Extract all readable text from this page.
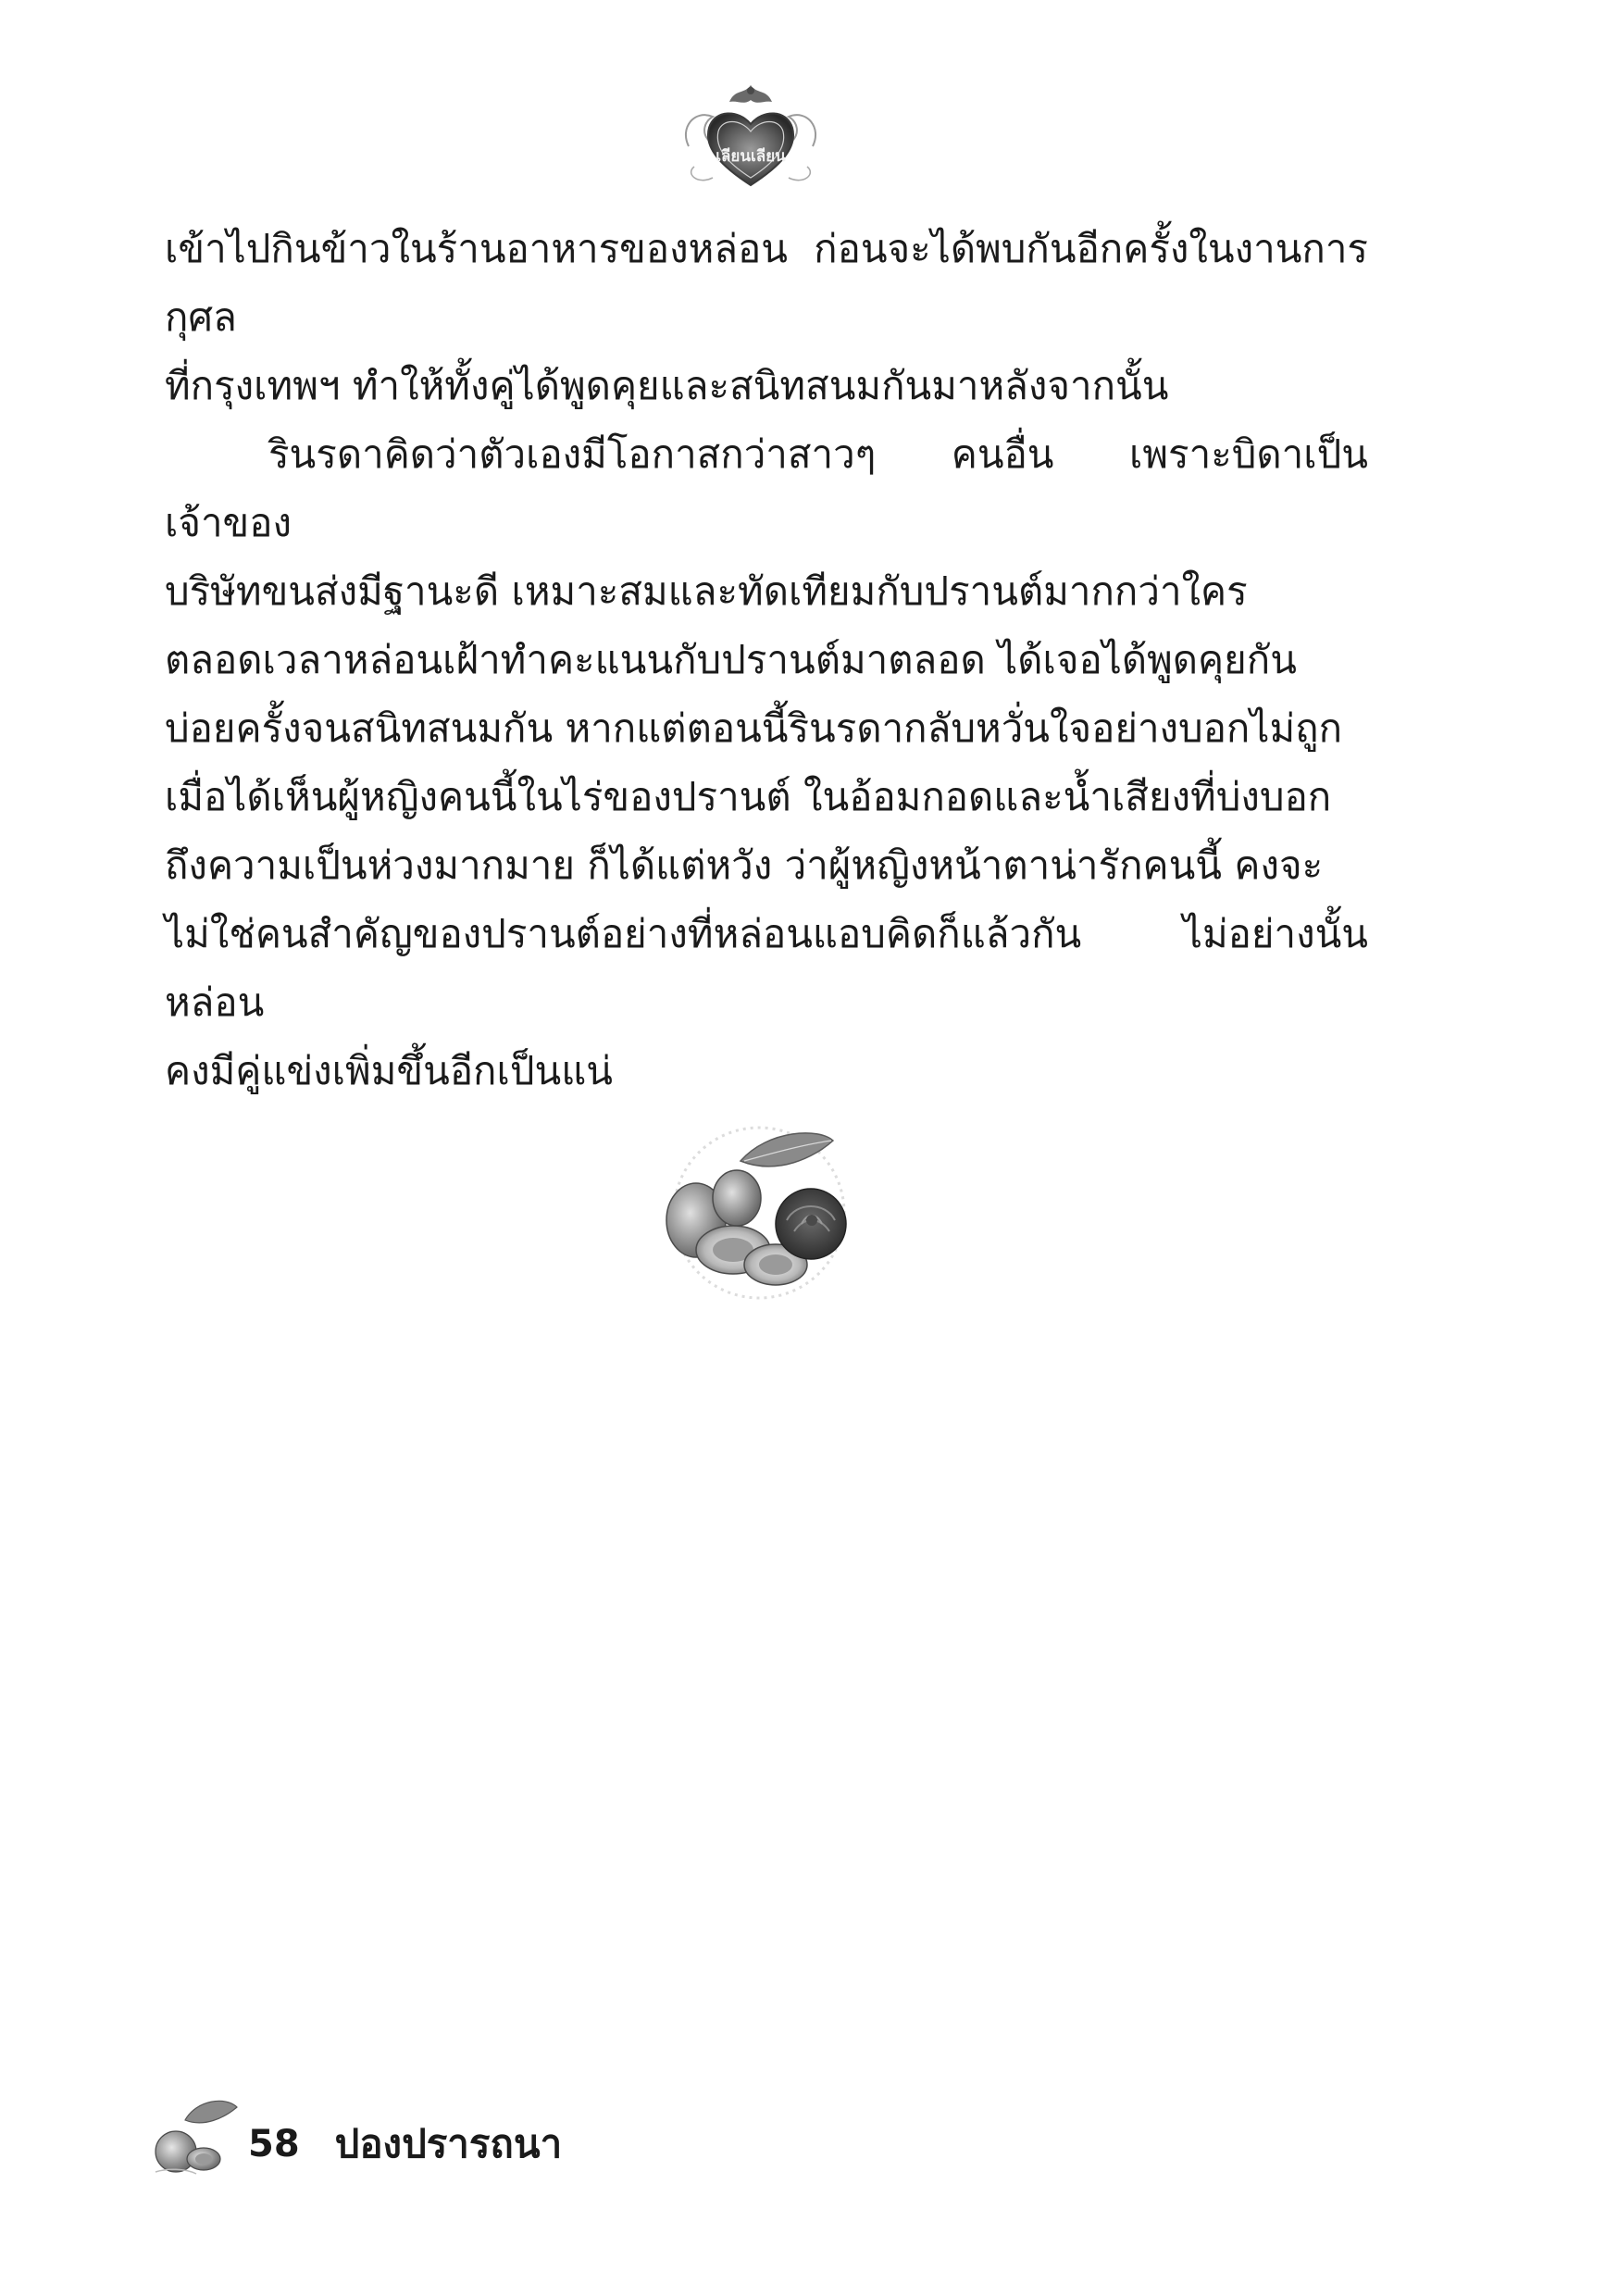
เลียนเลียน

เข้าไปกินข้าวในร้านอาหารของหล่อน ก่อนจะได้พบกันอีกครั้งในงานการกุศล
ที่กรุงเทพฯ ทำให้ทั้งคู่ได้พูดคุยและสนิทสนมกันมาหลังจากนั้น

รินรดาคิดว่าตัวเองมีโอกาสกว่าสาวๆ คนอื่น เพราะบิดาเป็นเจ้าของ
บริษัทขนส่งมีฐานะดี เหมาะสมและทัดเทียมกับปรานต์มากกว่าใคร
ตลอดเวลาหล่อนเฝ้าทำคะแนนกับปรานต์มาตลอด ได้เจอได้พูดคุยกัน
บ่อยครั้งจนสนิทสนมกัน หากแต่ตอนนี้รินรดากลับหวั่นใจอย่างบอกไม่ถูก
เมื่อได้เห็นผู้หญิงคนนี้ในไร่ของปรานต์ ในอ้อมกอดและน้ำเสียงที่บ่งบอก
ถึงความเป็นห่วงมากมาย ก็ได้แต่หวัง ว่าผู้หญิงหน้าตาน่ารักคนนี้ คงจะ
ไม่ใช่คนสำคัญของปรานต์อย่างที่หล่อนแอบคิดก็แล้วกัน ไม่อย่างนั้นหล่อน
คงมีคู่แข่งเพิ่มขึ้นอีกเป็นแน่

58 ปองปรารถนา
